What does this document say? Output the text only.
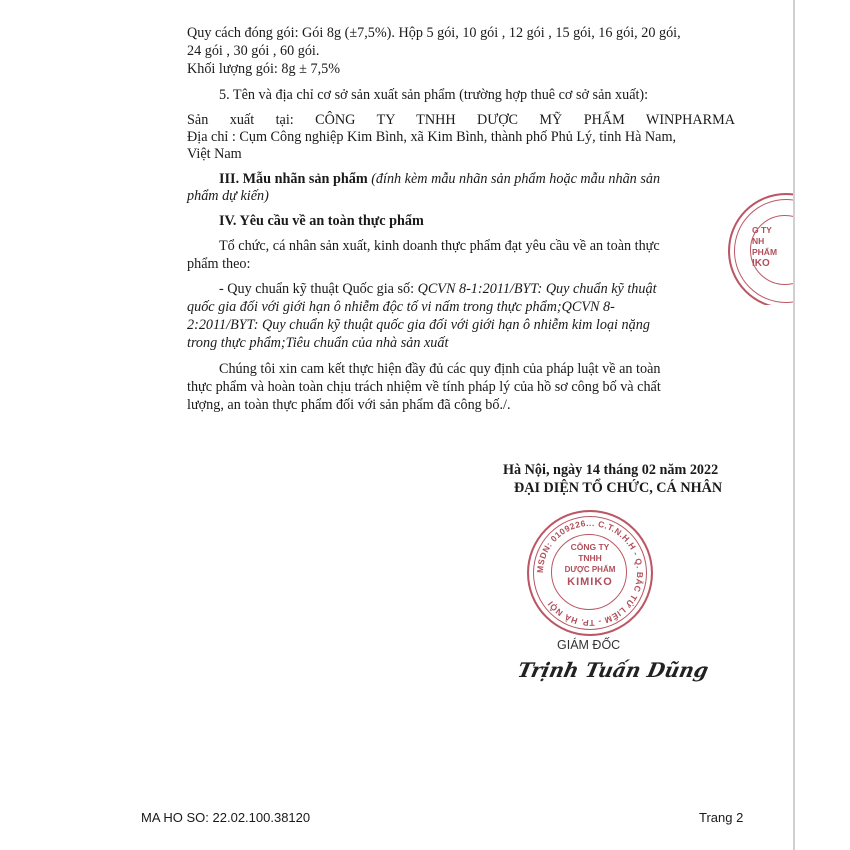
Quy cách đóng gói: Gói 8g (±7,5%). Hộp 5 gói, 10 gói , 12 gói , 15 gói, 16 gói, 20 gói,
24 gói , 30 gói , 60 gói.
Khối lượng gói: 8g ± 7,5%
5. Tên và địa chỉ cơ sở sản xuất sản phẩm (trường hợp thuê cơ sở sản xuất):
Sản xuất tại: CÔNG TY TNHH DƯỢC MỸ PHẨM WINPHARMA
Địa chỉ : Cụm Công nghiệp Kim Bình, xã Kim Bình, thành phố Phủ Lý, tỉnh Hà Nam,
Việt Nam
III. Mẫu nhãn sản phẩm (đính kèm mẫu nhãn sản phẩm hoặc mẫu nhãn sản
phẩm dự kiến)
IV. Yêu cầu về an toàn thực phẩm
Tổ chức, cá nhân sản xuất, kinh doanh thực phẩm đạt yêu cầu về an toàn thực
phẩm theo:
- Quy chuẩn kỹ thuật Quốc gia số: QCVN 8-1:2011/BYT: Quy chuẩn kỹ thuật
quốc gia đối với giới hạn ô nhiễm độc tố vi nấm trong thực phẩm;QCVN 8-
2:2011/BYT: Quy chuẩn kỹ thuật quốc gia đối với giới hạn ô nhiễm kim loại nặng
trong thực phẩm;Tiêu chuẩn của nhà sản xuất
Chúng tôi xin cam kết thực hiện đầy đủ các quy định của pháp luật về an toàn
thực phẩm và hoàn toàn chịu trách nhiệm về tính pháp lý của hồ sơ công bố và chất
lượng, an toàn thực phẩm đối với sản phẩm đã công bố./.
Hà Nội, ngày 14 tháng 02 năm 2022
ĐẠI DIỆN TỔ CHỨC, CÁ NHÂN
MSDN: 0109226... C.T.N.H.H - Q. BẮC TỪ LIÊM - TP. HÀ NỘI
CÔNG TY
TNHH
DƯỢC PHẨM
KIMIKO
G TY
NH
PHẨM
IKO
GIÁM ĐỐC
Trịnh Tuấn Dũng
MA HO SO: 22.02.100.38120	Trang 2
